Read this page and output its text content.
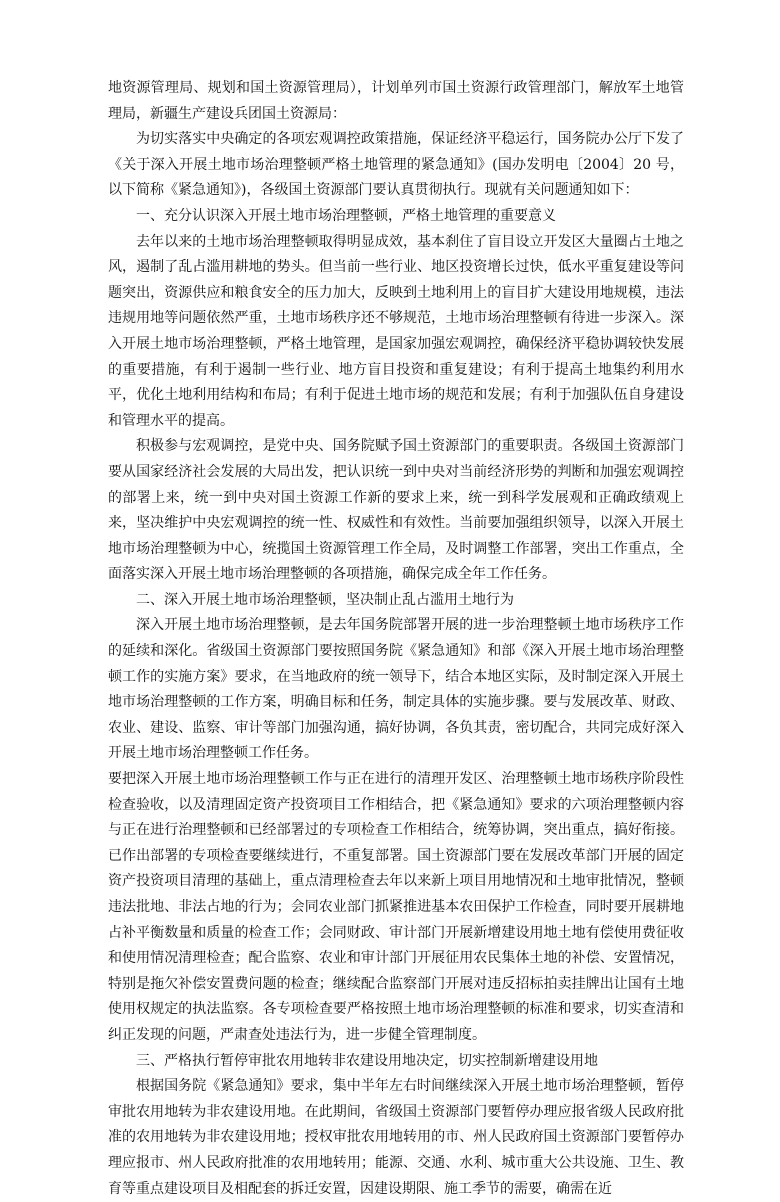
地资源管理局、规划和国土资源管理局），计划单列市国土资源行政管理部门，解放军土地管理局，新疆生产建设兵团国土资源局：

为切实落实中央确定的各项宏观调控政策措施，保证经济平稳运行，国务院办公厅下发了《关于深入开展土地市场治理整顿严格土地管理的紧急通知》(国办发明电〔2004〕20 号，以下简称《紧急通知》)，各级国土资源部门要认真贯彻执行。现就有关问题通知如下：

一、充分认识深入开展土地市场治理整顿，严格土地管理的重要意义

去年以来的土地市场治理整顿取得明显成效，基本刹住了盲目设立开发区大量圈占土地之风，遏制了乱占滥用耕地的势头。但当前一些行业、地区投资增长过快，低水平重复建设等问题突出，资源供应和粮食安全的压力加大，反映到土地利用上的盲目扩大建设用地规模，违法违规用地等问题依然严重，土地市场秩序还不够规范，土地市场治理整顿有待进一步深入。深入开展土地市场治理整顿，严格土地管理，是国家加强宏观调控，确保经济平稳协调较快发展的重要措施，有利于遏制一些行业、地方盲目投资和重复建设；有利于提高土地集约利用水平，优化土地利用结构和布局；有利于促进土地市场的规范和发展；有利于加强队伍自身建设和管理水平的提高。

积极参与宏观调控，是党中央、国务院赋予国土资源部门的重要职责。各级国土资源部门要从国家经济社会发展的大局出发，把认识统一到中央对当前经济形势的判断和加强宏观调控的部署上来，统一到中央对国土资源工作新的要求上来，统一到科学发展观和正确政绩观上来，坚决维护中央宏观调控的统一性、权威性和有效性。当前要加强组织领导，以深入开展土地市场治理整顿为中心，统揽国土资源管理工作全局，及时调整工作部署，突出工作重点，全面落实深入开展土地市场治理整顿的各项措施，确保完成全年工作任务。

二、深入开展土地市场治理整顿，坚决制止乱占滥用土地行为

深入开展土地市场治理整顿，是去年国务院部署开展的进一步治理整顿土地市场秩序工作的延续和深化。省级国土资源部门要按照国务院《紧急通知》和部《深入开展土地市场治理整顿工作的实施方案》要求，在当地政府的统一领导下，结合本地区实际，及时制定深入开展土地市场治理整顿的工作方案，明确目标和任务，制定具体的实施步骤。要与发展改革、财政、农业、建设、监察、审计等部门加强沟通，搞好协调，各负其责，密切配合，共同完成好深入开展土地市场治理整顿工作任务。

要把深入开展土地市场治理整顿工作与正在进行的清理开发区、治理整顿土地市场秩序阶段性检查验收，以及清理固定资产投资项目工作相结合，把《紧急通知》要求的六项治理整顿内容与正在进行治理整顿和已经部署过的专项检查工作相结合，统筹协调，突出重点，搞好衔接。已作出部署的专项检查要继续进行，不重复部署。国土资源部门要在发展改革部门开展的固定资产投资项目清理的基础上，重点清理检查去年以来新上项目用地情况和土地审批情况，整顿违法批地、非法占地的行为；会同农业部门抓紧推进基本农田保护工作检查，同时要开展耕地占补平衡数量和质量的检查工作；会同财政、审计部门开展新增建设用地土地有偿使用费征收和使用情况清理检查；配合监察、农业和审计部门开展征用农民集体土地的补偿、安置情况，特别是拖欠补偿安置费问题的检查；继续配合监察部门开展对违反招标拍卖挂牌出让国有土地使用权规定的执法监察。各专项检查要严格按照土地市场治理整顿的标准和要求，切实查清和纠正发现的问题，严肃查处违法行为，进一步健全管理制度。

三、严格执行暂停审批农用地转非农建设用地决定，切实控制新增建设用地

根据国务院《紧急通知》要求，集中半年左右时间继续深入开展土地市场治理整顿，暂停审批农用地转为非农建设用地。在此期间，省级国土资源部门要暂停办理应报省级人民政府批准的农用地转为非农建设用地；授权审批农用地转用的市、州人民政府国土资源部门要暂停办理应报市、州人民政府批准的农用地转用；能源、交通、水利、城市重大公共设施、卫生、教育等重点建设项目及相配套的拆迁安置，因建设期限、施工季节的需要，确需在近
